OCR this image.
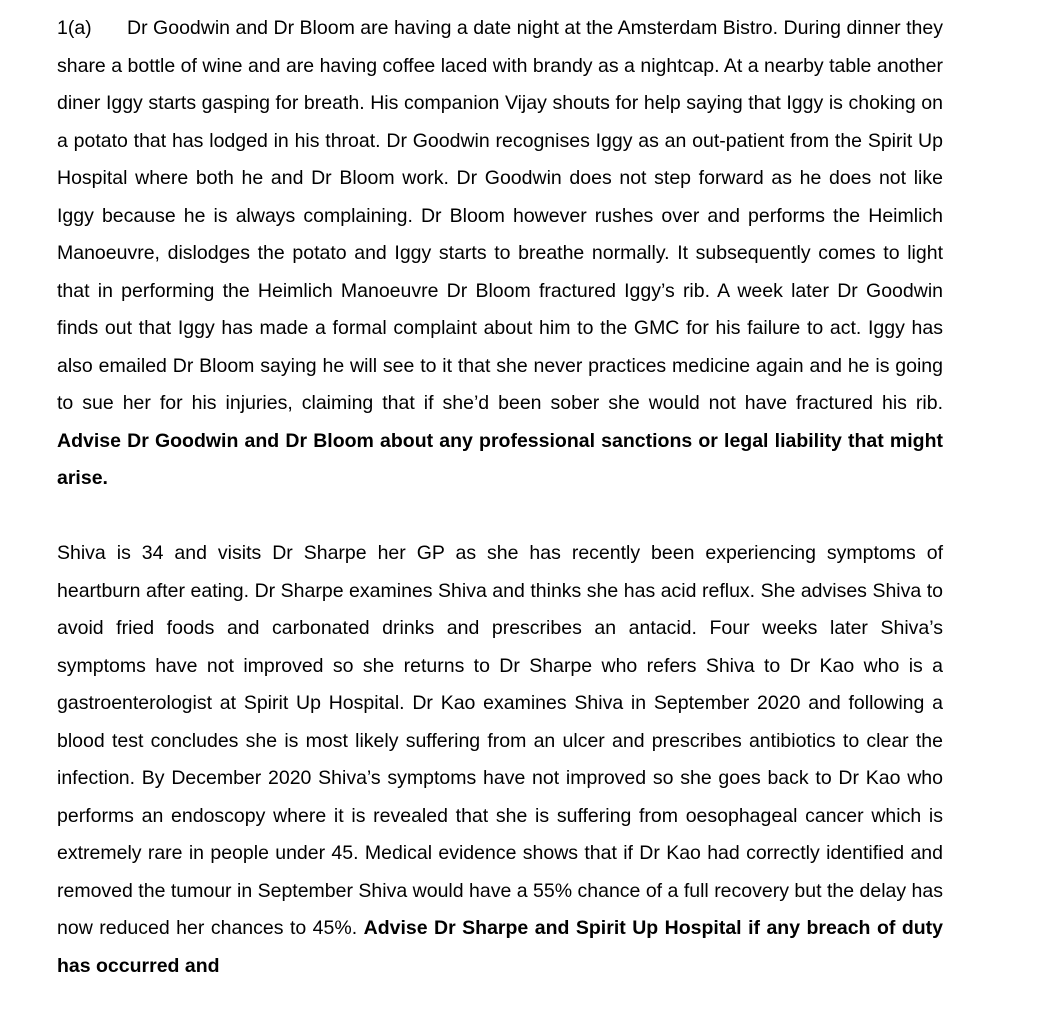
1(a) Dr Goodwin and Dr Bloom are having a date night at the Amsterdam Bistro. During dinner they share a bottle of wine and are having coffee laced with brandy as a nightcap. At a nearby table another diner Iggy starts gasping for breath. His companion Vijay shouts for help saying that Iggy is choking on a potato that has lodged in his throat. Dr Goodwin recognises Iggy as an out-patient from the Spirit Up Hospital where both he and Dr Bloom work. Dr Goodwin does not step forward as he does not like Iggy because he is always complaining. Dr Bloom however rushes over and performs the Heimlich Manoeuvre, dislodges the potato and Iggy starts to breathe normally. It subsequently comes to light that in performing the Heimlich Manoeuvre Dr Bloom fractured Iggy’s rib. A week later Dr Goodwin finds out that Iggy has made a formal complaint about him to the GMC for his failure to act. Iggy has also emailed Dr Bloom saying he will see to it that she never practices medicine again and he is going to sue her for his injuries, claiming that if she’d been sober she would not have fractured his rib. Advise Dr Goodwin and Dr Bloom about any professional sanctions or legal liability that might arise.

Shiva is 34 and visits Dr Sharpe her GP as she has recently been experiencing symptoms of heartburn after eating. Dr Sharpe examines Shiva and thinks she has acid reflux. She advises Shiva to avoid fried foods and carbonated drinks and prescribes an antacid. Four weeks later Shiva’s symptoms have not improved so she returns to Dr Sharpe who refers Shiva to Dr Kao who is a gastroenterologist at Spirit Up Hospital. Dr Kao examines Shiva in September 2020 and following a blood test concludes she is most likely suffering from an ulcer and prescribes antibiotics to clear the infection. By December 2020 Shiva’s symptoms have not improved so she goes back to Dr Kao who performs an endoscopy where it is revealed that she is suffering from oesophageal cancer which is extremely rare in people under 45. Medical evidence shows that if Dr Kao had correctly identified and removed the tumour in September Shiva would have a 55% chance of a full recovery but the delay has now reduced her chances to 45%. Advise Dr Sharpe and Spirit Up Hospital if any breach of duty has occurred and
